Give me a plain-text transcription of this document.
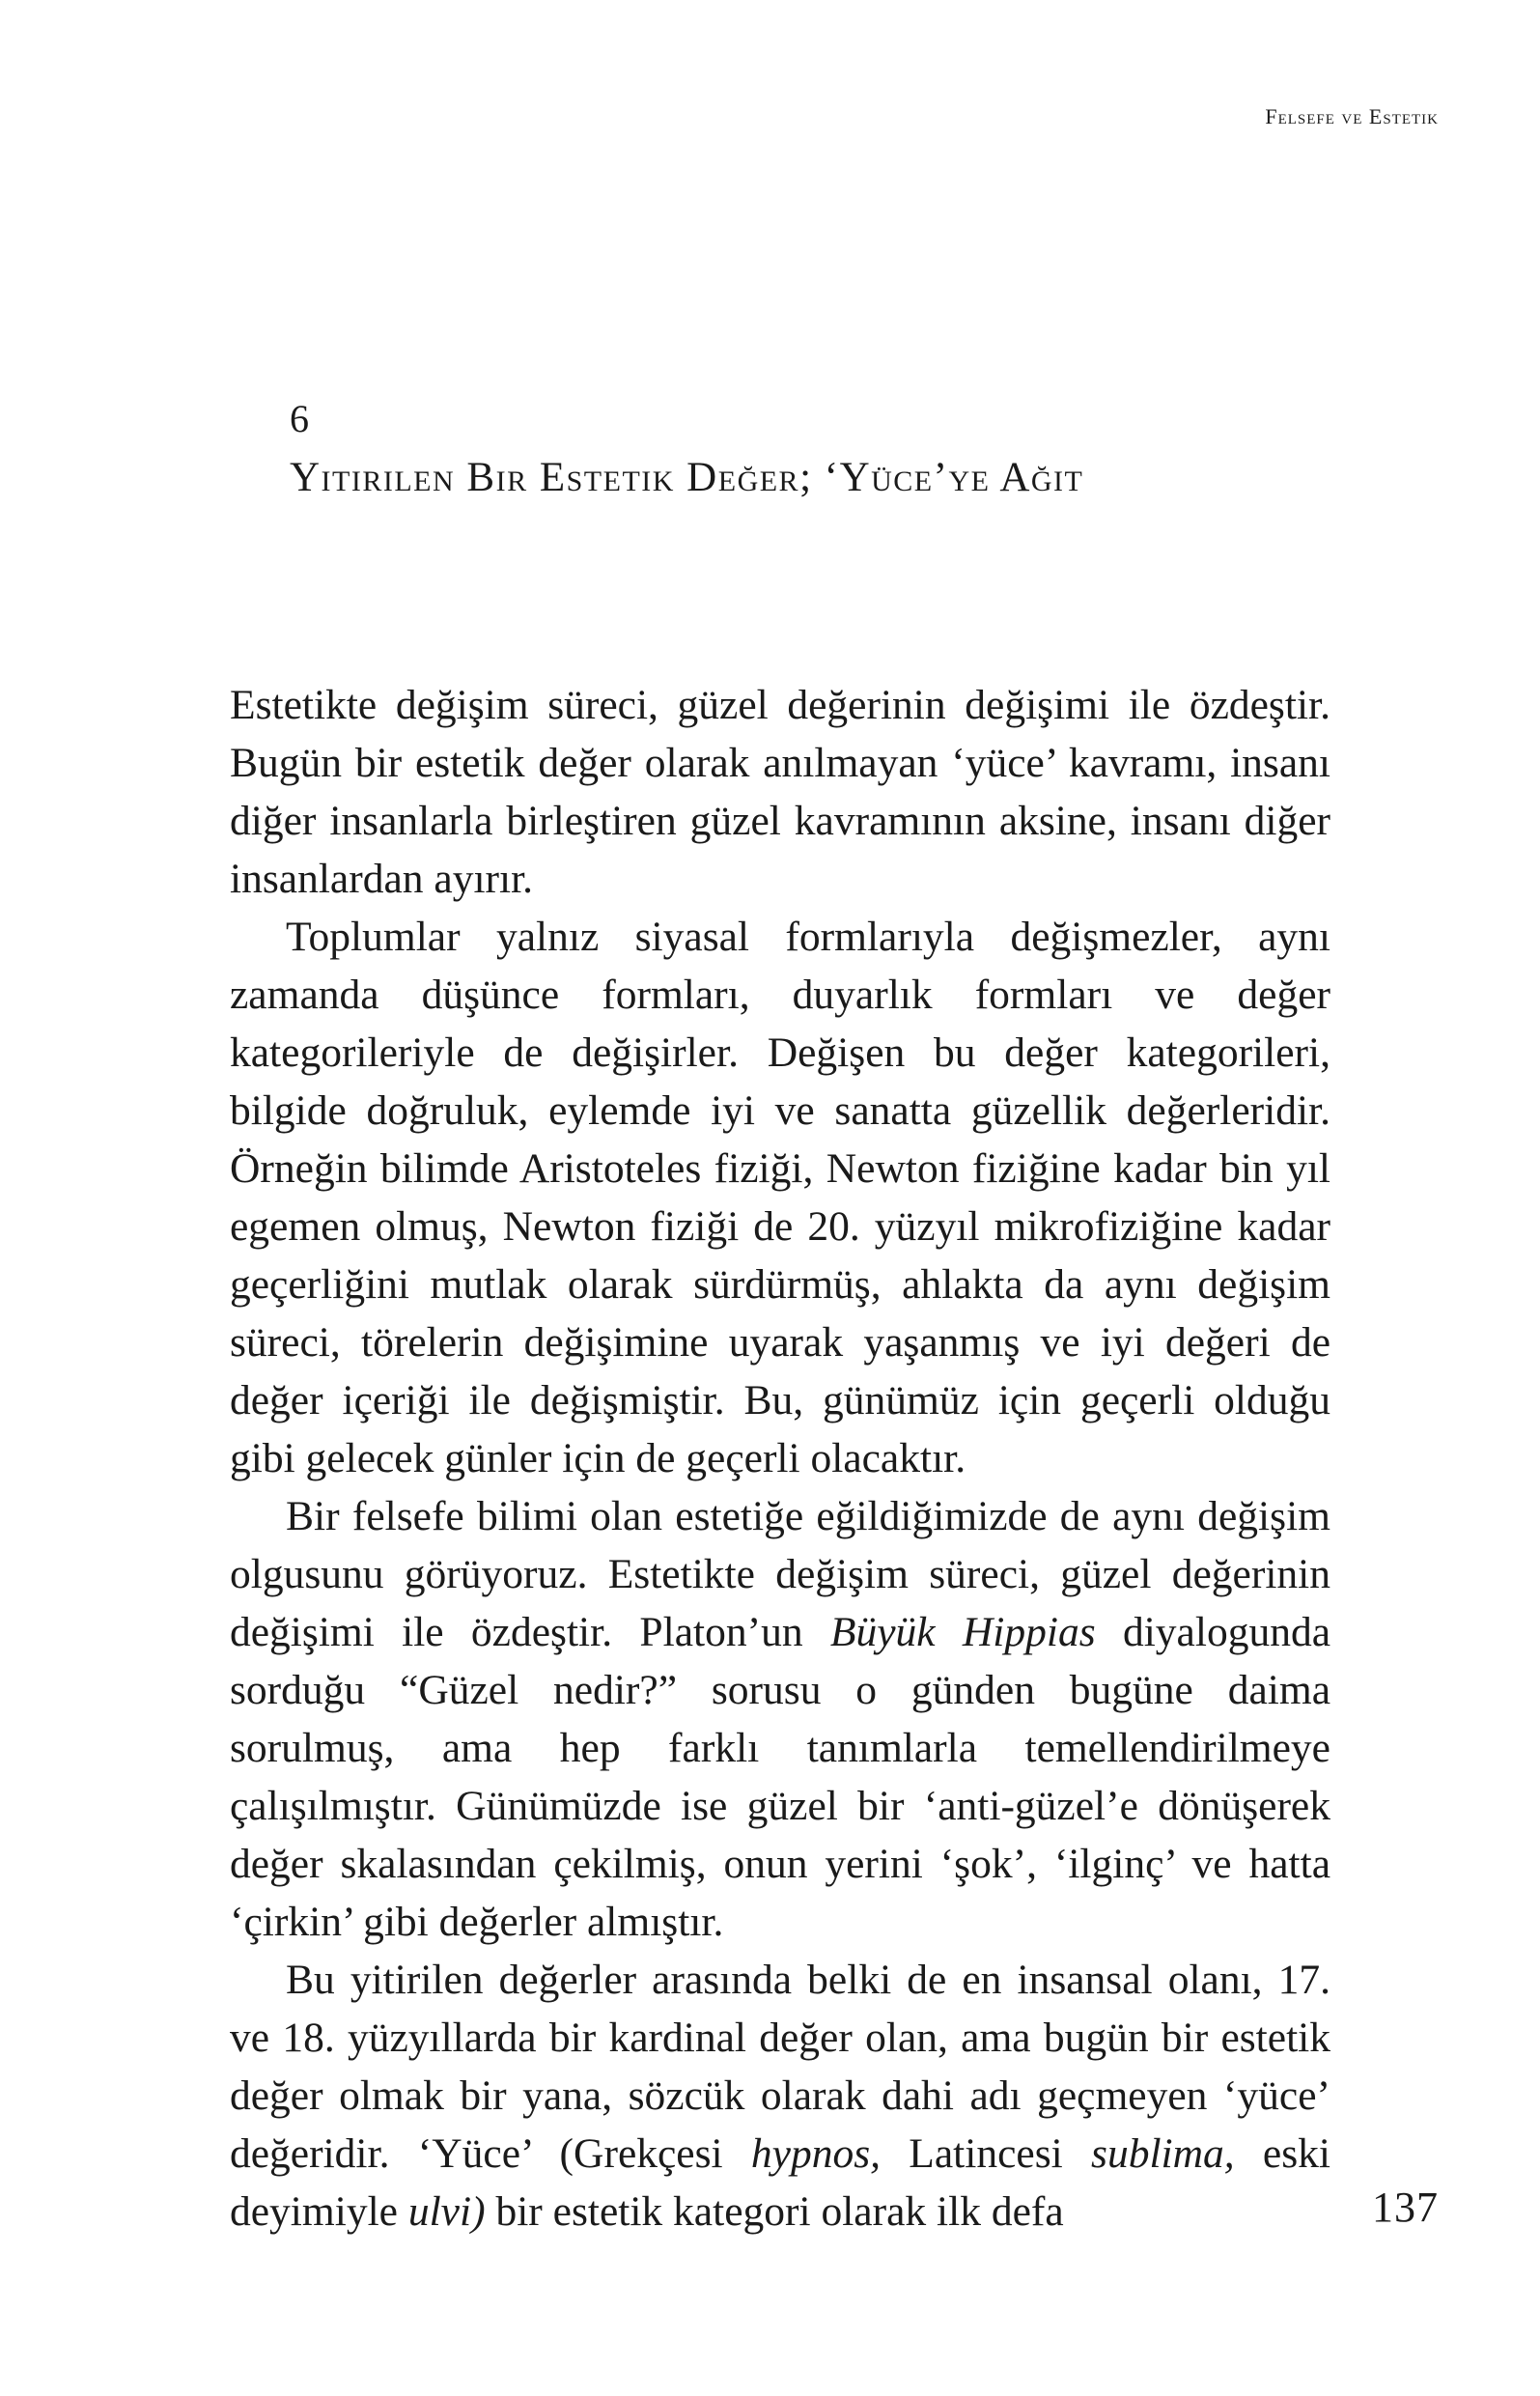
Felsefe ve Estetik
6
Yitirilen Bir Estetik Değer; ‘Yüce’ye Ağıt

Estetikte değişim süreci, güzel değerinin değişimi ile özdeştir. Bugün bir estetik değer olarak anılmayan ‘yüce’ kavramı, insanı diğer insanlarla birleştiren güzel kavramının aksine, insanı diğer insanlardan ayırır.

Toplumlar yalnız siyasal formlarıyla değişmezler, aynı zamanda düşünce formları, duyarlık formları ve değer kategorileriyle de değişirler. Değişen bu değer kategorileri, bilgide doğruluk, eylemde iyi ve sanatta güzellik değerleridir. Örneğin bilimde Aristoteles fiziği, Newton fiziğine kadar bin yıl egemen olmuş, Newton fiziği de 20. yüzyıl mikrofiziğine kadar geçerliğini mutlak olarak sürdürmüş, ahlakta da aynı değişim süreci, törelerin değişimine uyarak yaşanmış ve iyi değeri de değer içeriği ile değişmiştir. Bu, günümüz için geçerli olduğu gibi gelecek günler için de geçerli olacaktır.

Bir felsefe bilimi olan estetiğe eğildiğimizde de aynı değişim olgusunu görüyoruz. Estetikte değişim süreci, güzel değerinin değişimi ile özdeştir. Platon’un Büyük Hippias diyalogunda sorduğu “Güzel nedir?” sorusu o günden bugüne daima sorulmuş, ama hep farklı tanımlarla temellendirilmeye çalışılmıştır. Günümüzde ise güzel bir ‘anti-güzel’e dönüşerek değer skalasından çekilmiş, onun yerini ‘şok’, ‘ilginç’ ve hatta ‘çirkin’ gibi değerler almıştır.

Bu yitirilen değerler arasında belki de en insansal olanı, 17. ve 18. yüzyıllarda bir kardinal değer olan, ama bugün bir estetik değer olmak bir yana, sözcük olarak dahi adı geçmeyen ‘yüce’ değeridir. ‘Yüce’ (Grekçesi hypnos, Latincesi sublima, eski deyimiyle ulvi) bir estetik kategori olarak ilk defa	137
